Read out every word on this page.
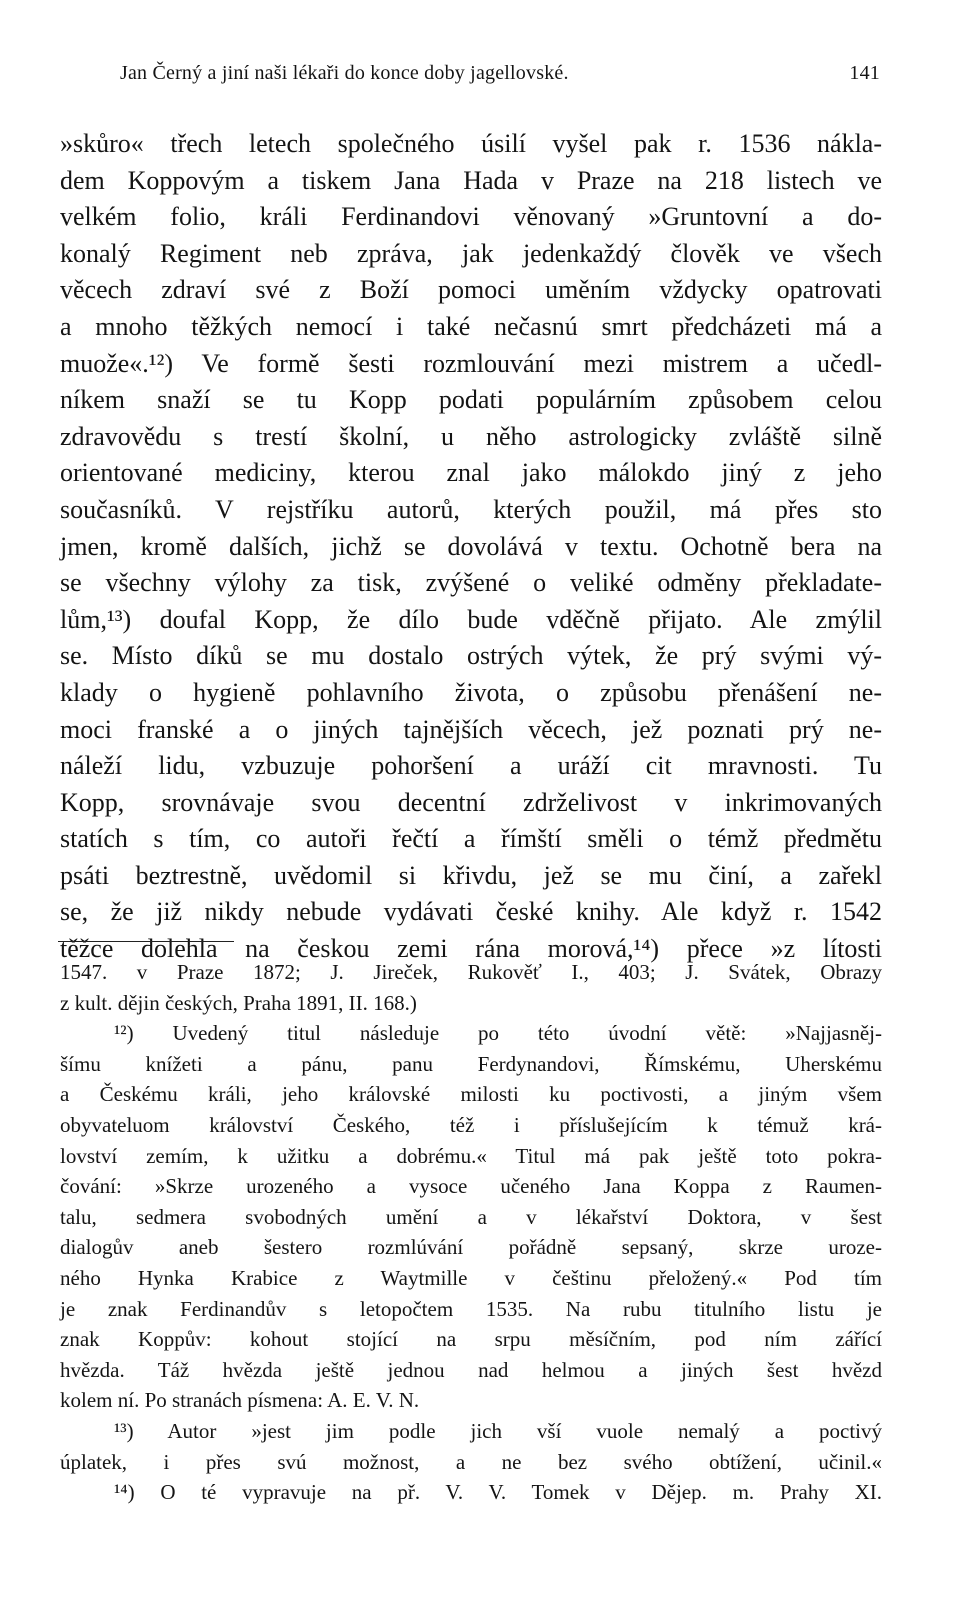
Jan Černý a jiní naši lékaři do konce doby jagellovské.	141
»skůro« třech letech společného úsilí vyšel pak r. 1536 nákla-
dem Koppovým a tiskem Jana Hada v Praze na 218 listech ve
velkém folio, králi Ferdinandovi věnovaný »Gruntovní a do-
konalý Regiment neb zpráva, jak jedenkaždý člověk ve všech
věcech zdraví své z Boží pomoci uměním vždycky opatrovati
a mnoho těžkých nemocí i také nečasnú smrt předcházeti má a
muože«.¹²) Ve formě šesti rozmlouvání mezi mistrem a učedl-
níkem snaží se tu Kopp podati populárním způsobem celou
zdravovědu s trestí školní, u něho astrologicky zvláště silně
orientované mediciny, kterou znal jako málokdo jiný z jeho
současníků. V rejstříku autorů, kterých použil, má přes sto
jmen, kromě dalších, jichž se dovolává v textu. Ochotně bera na
se všechny výlohy za tisk, zvýšené o veliké odměny překladate-
lům,¹³) doufal Kopp, že dílo bude vděčně přijato. Ale zmýlil
se. Místo díků se mu dostalo ostrých výtek, že prý svými vý-
klady o hygieně pohlavního života, o způsobu přenášení ne-
moci franské a o jiných tajnějších věcech, jež poznati prý ne-
náleží lidu, vzbuzuje pohoršení a uráží cit mravnosti. Tu
Kopp, srovnávaje svou decentní zdrželivost v inkrimovaných
statích s tím, co autoři řečtí a římští směli o témž předmětu
psáti beztrestně, uvědomil si křivdu, jež se mu činí, a zařekl
se, že již nikdy nebude vydávati české knihy. Ale když r. 1542
těžce dolehla na českou zemi rána morová,¹⁴) přece »z lítosti
1547. v Praze 1872; J. Jireček, Rukověť I., 403; J. Svátek, Obrazy
z kult. dějin českých, Praha 1891, II. 168.)
¹²) Uvedený titul následuje po této úvodní větě: »Najjasněj-
šímu knížeti a pánu, panu Ferdynandovi, Římskému, Uherskému
a Českému králi, jeho královské milosti ku poctivosti, a jiným všem
obyvateluom království Českého, též i příslušejícím k témuž krá-
lovství zemím, k užitku a dobrému.« Titul má pak ještě toto pokra-
čování: »Skrze urozeného a vysoce učeného Jana Koppa z Raumen-
talu, sedmera svobodných umění a v lékařství Doktora, v šest
dialogův aneb šestero rozmlúvání pořádně sepsaný, skrze uroze-
ného Hynka Krabice z Waytmille v češtinu přeložený.« Pod tím
je znak Ferdinandův s letopočtem 1535. Na rubu titulního listu je
znak Koppův: kohout stojící na srpu měsíčním, pod ním zářící
hvězda. Táž hvězda ještě jednou nad helmou a jiných šest hvězd
kolem ní. Po stranách písmena: A. E. V. N.
¹³) Autor »jest jim podle jich vší vuole nemalý a poctivý
úplatek, i přes svú možnost, a ne bez svého obtížení, učinil.«
¹⁴) O té vypravuje na př. V. V. Tomek v Dějep. m. Prahy XI.
